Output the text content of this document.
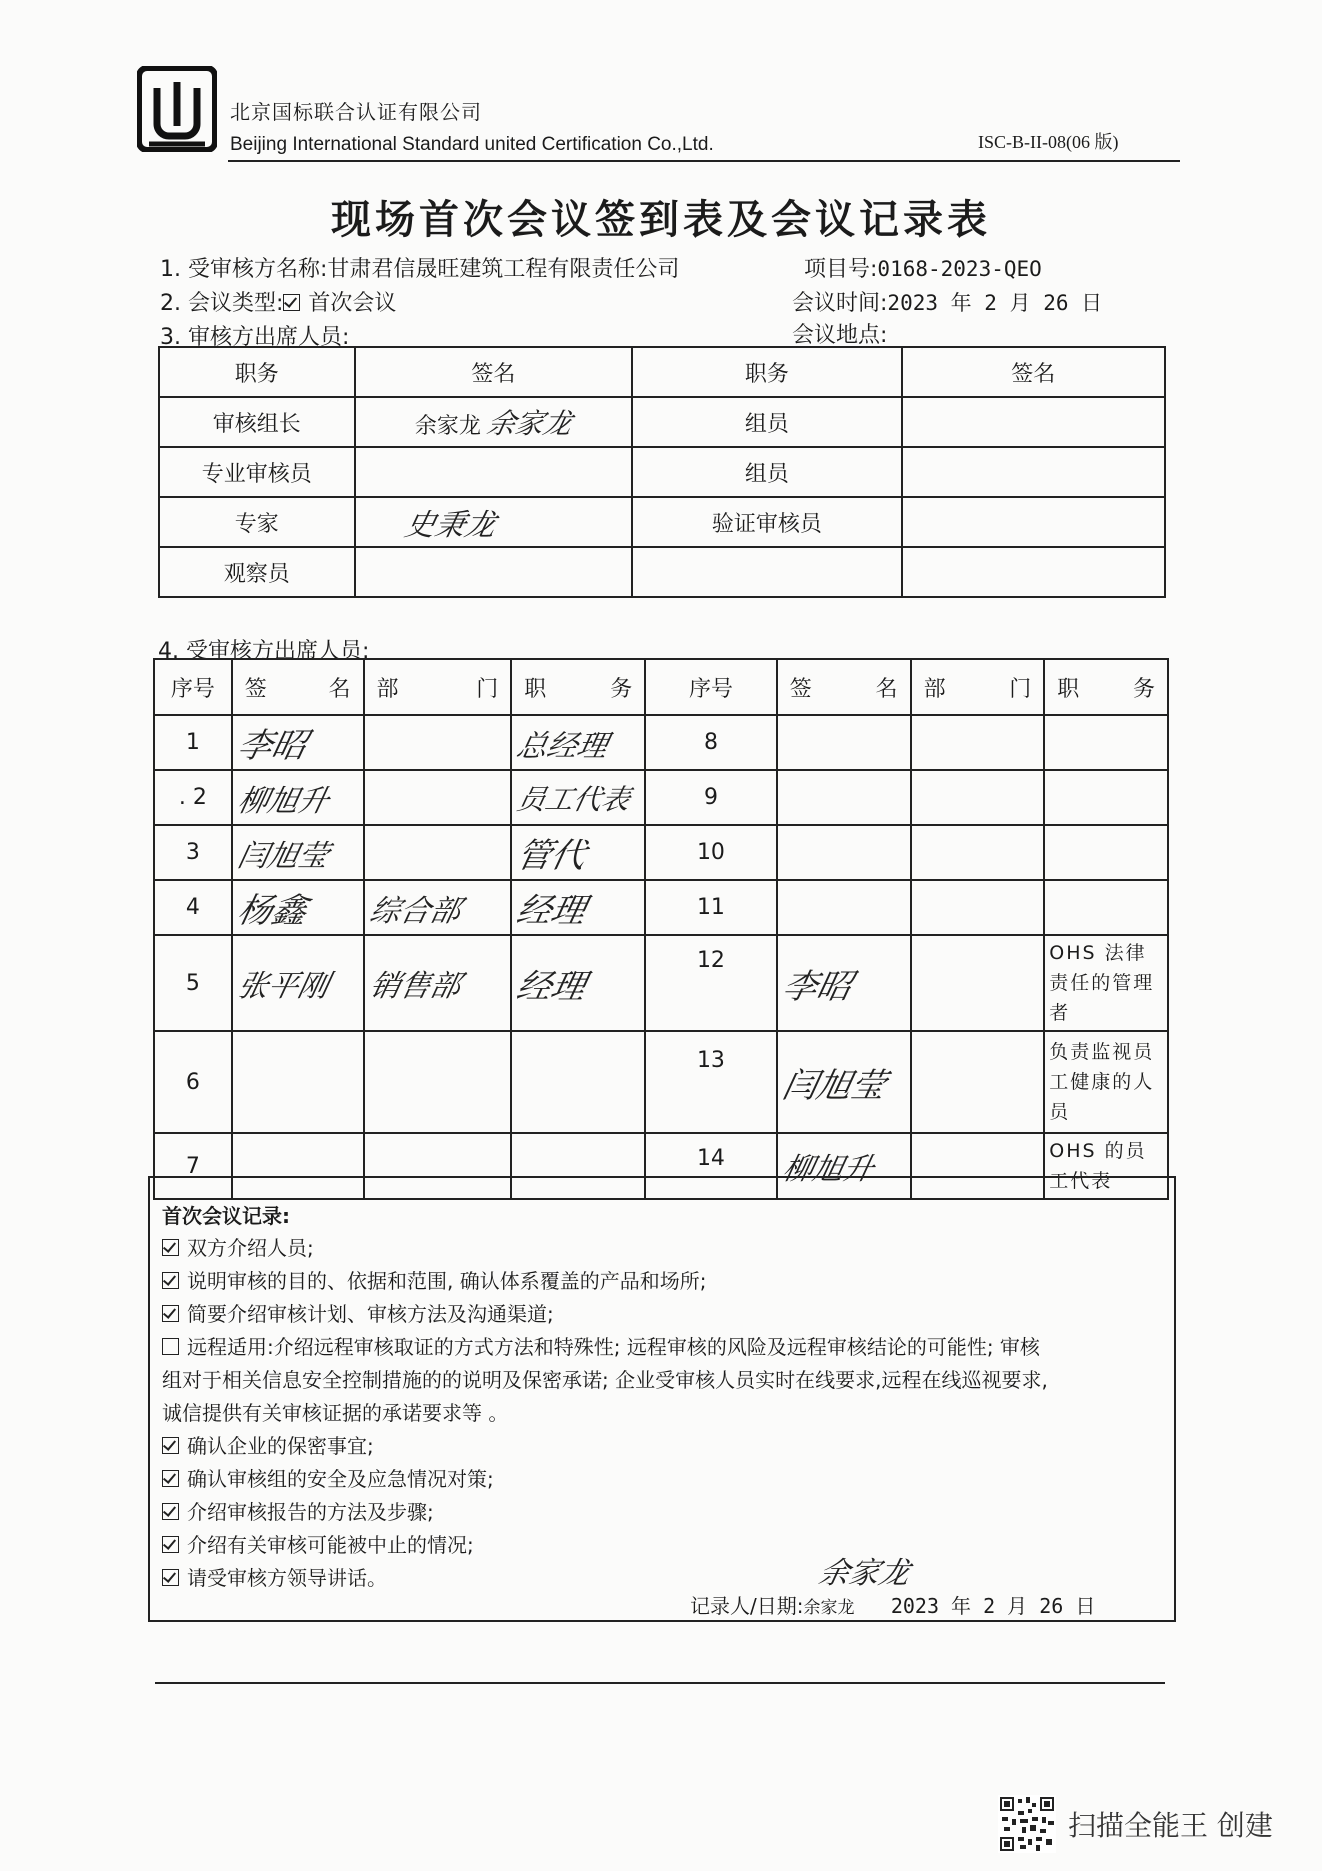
北京国标联合认证有限公司
Beijing International Standard united Certification Co.,Ltd.	ISC-B-II-08(06 版)
现场首次会议签到表及会议记录表
1. 受审核方名称:甘肃君信晟旺建筑工程有限责任公司	项目号:0168-2023-QEO
2. 会议类型: 首次会议	会议时间:2023 年 2 月 26 日
3. 审核方出席人员:	会议地点:
职务	签名	职务	签名
审核组长	余家龙 余家龙	组员	
专业审核员		组员	
专家	史秉龙	验证审核员	
观察员			
4. 受审核方出席人员:
序号	签 名	部 门	职 务	序号	签 名	部 门	职 务

1	李昭		总经理	8			
. 2	柳旭升		员工代表	9			
3	闫旭莹		管代	10			
4	杨鑫	综合部	经理	11			
5	张平刚	销售部	经理	12	李昭		OHS 法律责任的管理者
6				13	闫旭莹		负责监视员工健康的人员
7				14	柳旭升		OHS 的员工代表
首次会议记录:
双方介绍人员;
说明审核的目的、依据和范围, 确认体系覆盖的产品和场所;
简要介绍审核计划、审核方法及沟通渠道;
远程适用:介绍远程审核取证的方式方法和特殊性; 远程审核的风险及远程审核结论的可能性; 审核
组对于相关信息安全控制措施的的说明及保密承诺; 企业受审核人员实时在线要求,远程在线巡视要求,
诚信提供有关审核证据的承诺要求等 。
确认企业的保密事宜;
确认审核组的安全及应急情况对策;
介绍审核报告的方法及步骤;
介绍有关审核可能被中止的情况;
请受审核方领导讲话。	余家龙
记录人/日期:余家龙 2023 年 2 月 26 日
扫描全能王 创建
